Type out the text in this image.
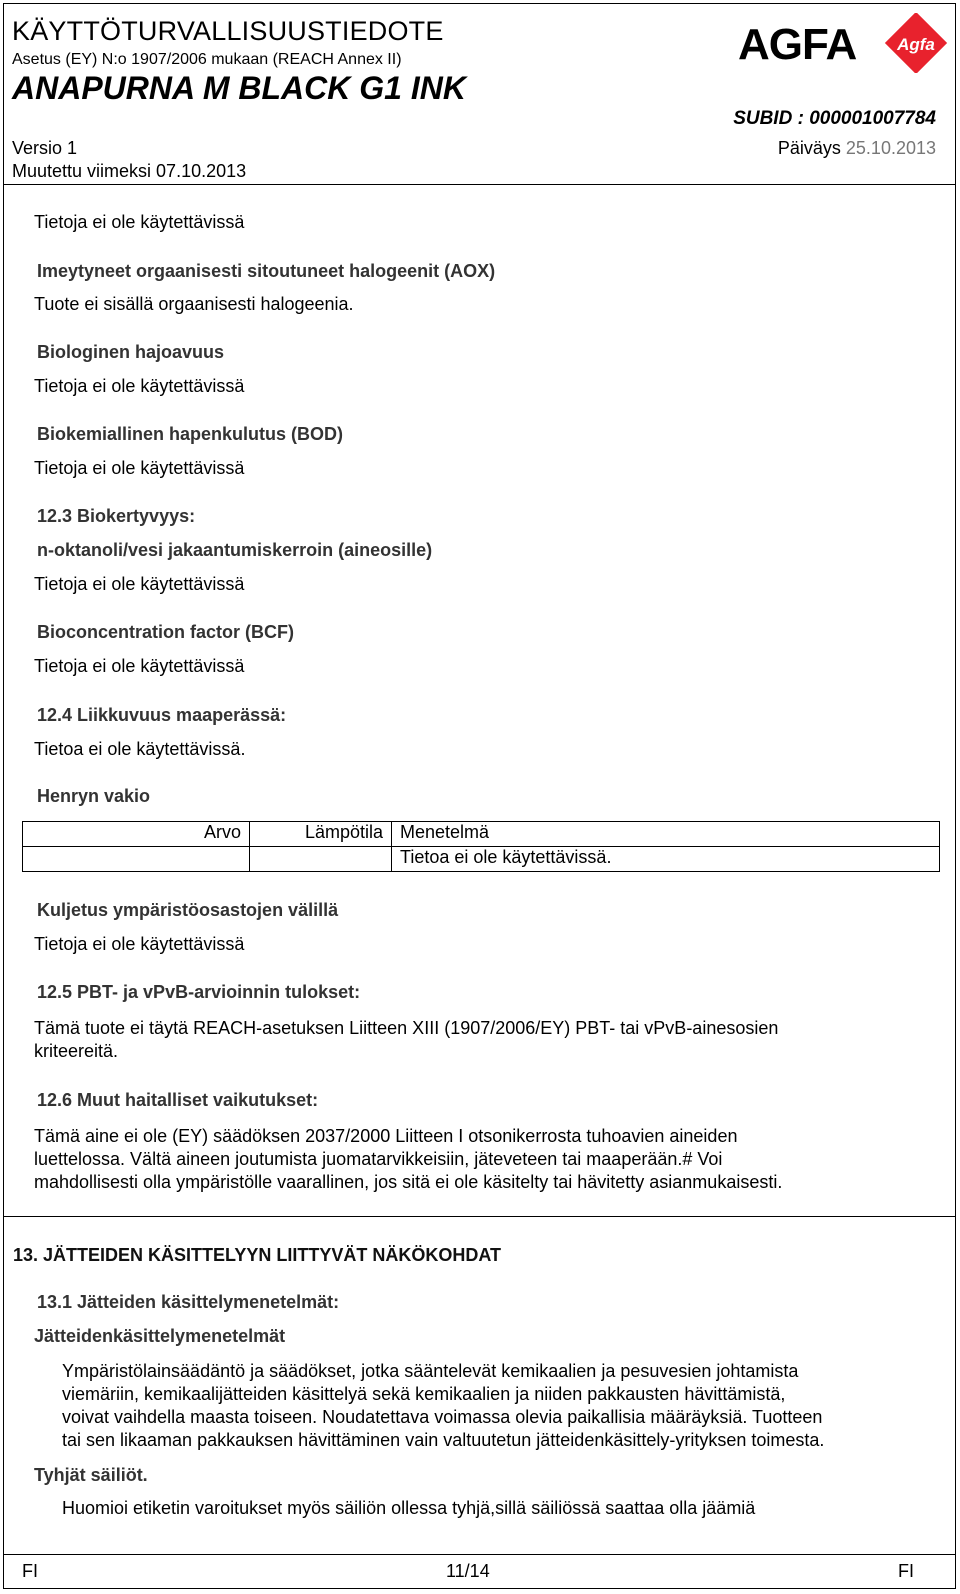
KÄYTTÖTURVALLISUUSTIEDOTE
Asetus (EY) N:o 1907/2006 mukaan (REACH Annex II)
ANAPURNA M BLACK G1 INK
AGFA Agfa
SUBID : 000001007784
Versio 1
Muutettu viimeksi 07.10.2013
Päiväys 25.10.2013
Tietoja ei ole käytettävissä
Imeytyneet orgaanisesti sitoutuneet halogeenit (AOX)
Tuote ei sisällä orgaanisesti halogeenia.
Biologinen hajoavuus
Tietoja ei ole käytettävissä
Biokemiallinen hapenkulutus (BOD)
Tietoja ei ole käytettävissä
12.3 Biokertyvyys:
n-oktanoli/vesi jakaantumiskerroin (aineosille)
Tietoja ei ole käytettävissä
Bioconcentration factor (BCF)
Tietoja ei ole käytettävissä
12.4 Liikkuvuus maaperässä:
Tietoa ei ole käytettävissä.
Henryn vakio
Arvo	Lämpötila	Menetelmä
		Tietoa ei ole käytettävissä.
Kuljetus ympäristöosastojen välillä
Tietoja ei ole käytettävissä
12.5 PBT- ja vPvB-arvioinnin tulokset:
Tämä tuote ei täytä REACH-asetuksen Liitteen XIII (1907/2006/EY) PBT- tai vPvB-ainesosien
kriteereitä.
12.6 Muut haitalliset vaikutukset:
Tämä aine ei ole (EY) säädöksen 2037/2000 Liitteen I otsonikerrosta tuhoavien aineiden
luettelossa. Vältä aineen joutumista juomatarvikkeisiin, jäteveteen tai maaperään.# Voi
mahdollisesti olla ympäristölle vaarallinen, jos sitä ei ole käsitelty tai hävitetty asianmukaisesti.
13. JÄTTEIDEN KÄSITTELYYN LIITTYVÄT NÄKÖKOHDAT
13.1 Jätteiden käsittelymenetelmät:
Jätteidenkäsittelymenetelmät
Ympäristölainsäädäntö ja säädökset, jotka sääntelevät kemikaalien ja pesuvesien johtamista
viemäriin, kemikaalijätteiden käsittelyä sekä kemikaalien ja niiden pakkausten hävittämistä,
voivat vaihdella maasta toiseen. Noudatettava voimassa olevia paikallisia määräyksiä. Tuotteen
tai sen likaaman pakkauksen hävittäminen vain valtuutetun jätteidenkäsittely-yrityksen toimesta.
Tyhjät säiliöt.
Huomioi etiketin varoitukset myös säiliön ollessa tyhjä,sillä säiliössä saattaa olla jäämiä
FI	11/14	FI
